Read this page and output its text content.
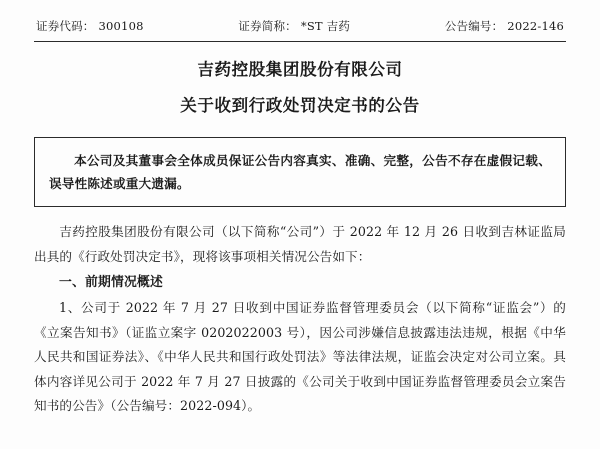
证券代码： 300108	证券简称： *ST 吉药	公告编号： 2022-146
吉药控股集团股份有限公司
关于收到行政处罚决定书的公告
本公司及其董事会全体成员保证公告内容真实、准确、完整，公告不存在虚假记载、误导性陈述或重大遗漏。

吉药控股集团股份有限公司（以下简称“公司”）于 2022 年 12 月 26 日收到吉林证监局出具的《行政处罚决定书》，现将该事项相关情况公告如下：

一、前期情况概述

1、公司于 2022 年 7 月 27 日收到中国证券监督管理委员会（以下简称“证监会”）的《立案告知书》（证监立案字 0202022003 号），因公司涉嫌信息披露违法违规，根据《中华人民共和国证券法》、《中华人民共和国行政处罚法》等法律法规，证监会决定对公司立案。具体内容详见公司于 2022 年 7 月 27 日披露的《公司关于收到中国证券监督管理委员会立案告知书的公告》（公告编号：2022-094）。
